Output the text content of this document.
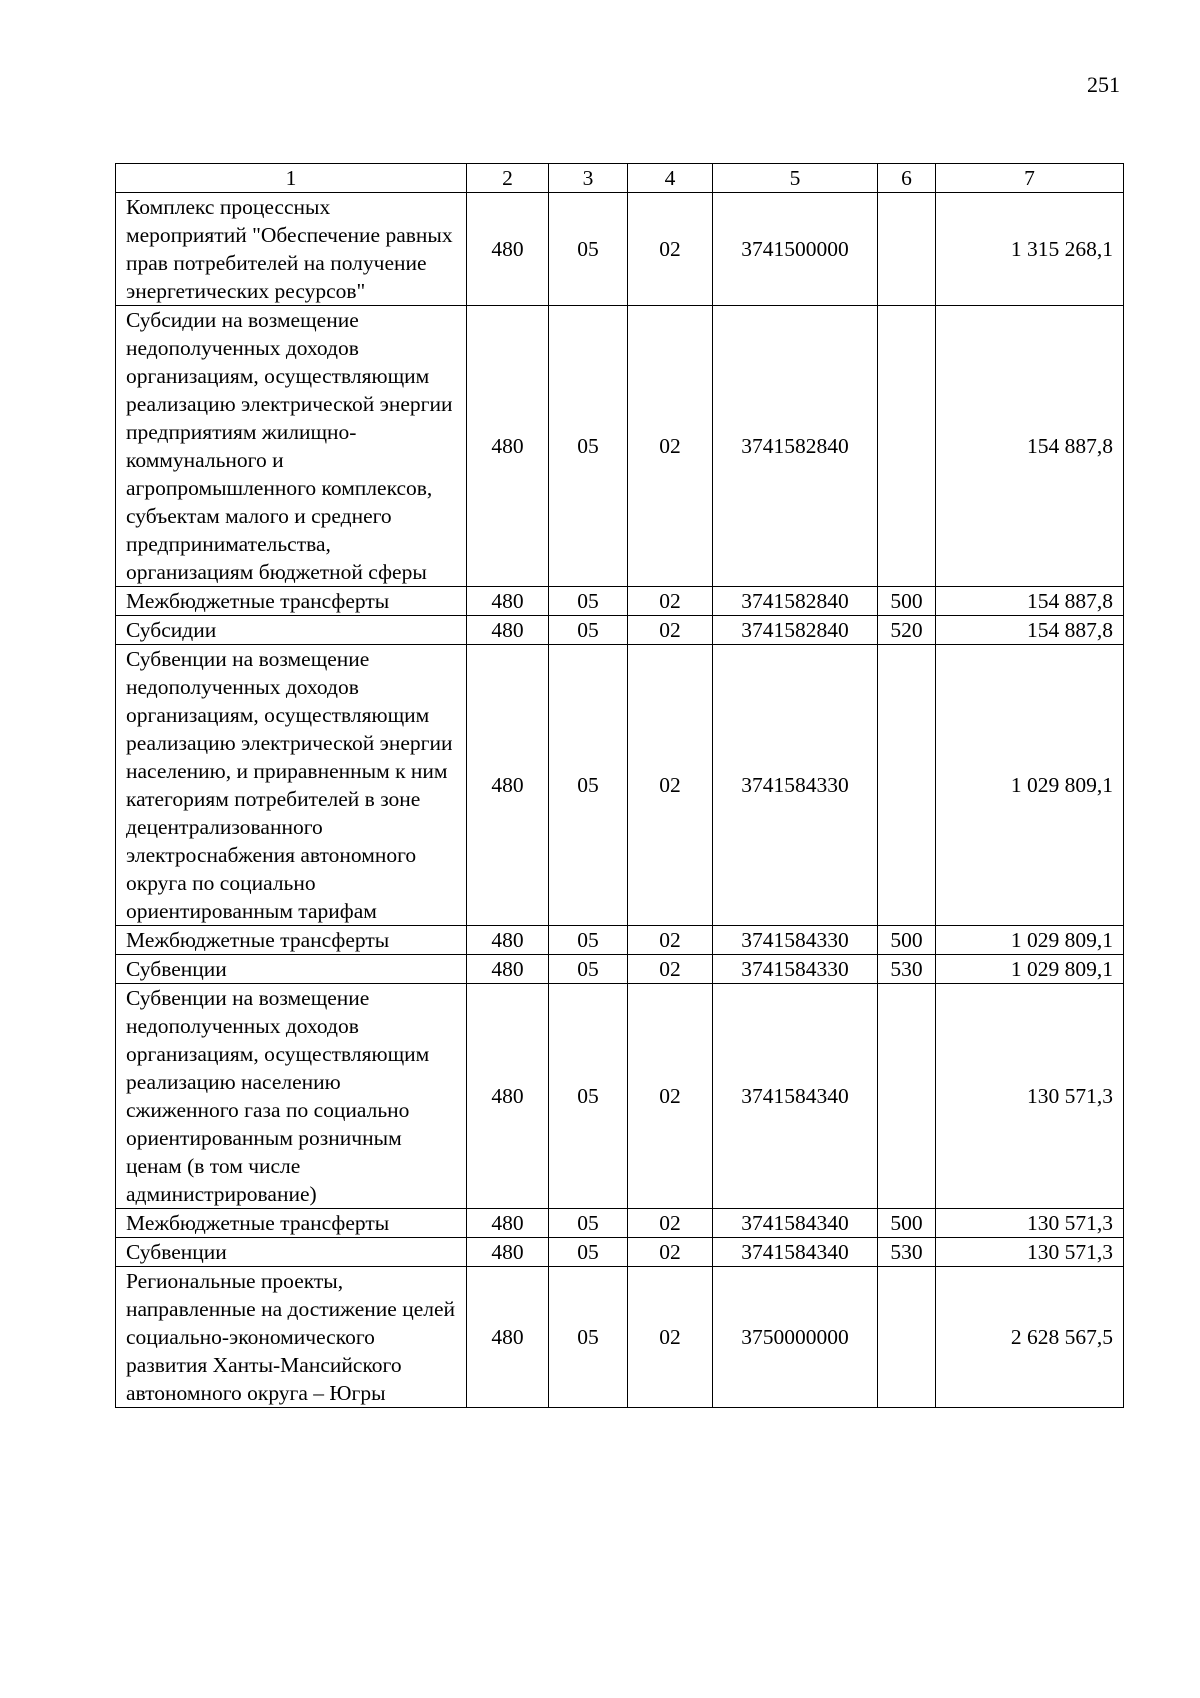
251
1	2	3	4	5	6	7
Комплекс процессных мероприятий "Обеспечение равных прав потребителей на получение энергетических ресурсов"	480	05	02	3741500000		1 315 268,1
Субсидии на возмещение недополученных доходов организациям, осуществляющим реализацию электрической энергии предприятиям жилищно-коммунального и агропромышленного комплексов, субъектам малого и среднего предпринимательства, организациям бюджетной сферы	480	05	02	3741582840		154 887,8
Межбюджетные трансферты	480	05	02	3741582840	500	154 887,8
Субсидии	480	05	02	3741582840	520	154 887,8
Субвенции на возмещение недополученных доходов организациям, осуществляющим реализацию электрической энергии населению, и приравненным к ним категориям потребителей в зоне децентрализованного электроснабжения автономного округа по социально ориентированным тарифам	480	05	02	3741584330		1 029 809,1
Межбюджетные трансферты	480	05	02	3741584330	500	1 029 809,1
Субвенции	480	05	02	3741584330	530	1 029 809,1
Субвенции на возмещение недополученных доходов организациям, осуществляющим реализацию населению сжиженного газа по социально ориентированным розничным ценам (в том числе администрирование)	480	05	02	3741584340		130 571,3
Межбюджетные трансферты	480	05	02	3741584340	500	130 571,3
Субвенции	480	05	02	3741584340	530	130 571,3
Региональные проекты, направленные на достижение целей социально-экономического развития Ханты-Мансийского автономного округа – Югры	480	05	02	3750000000		2 628 567,5
